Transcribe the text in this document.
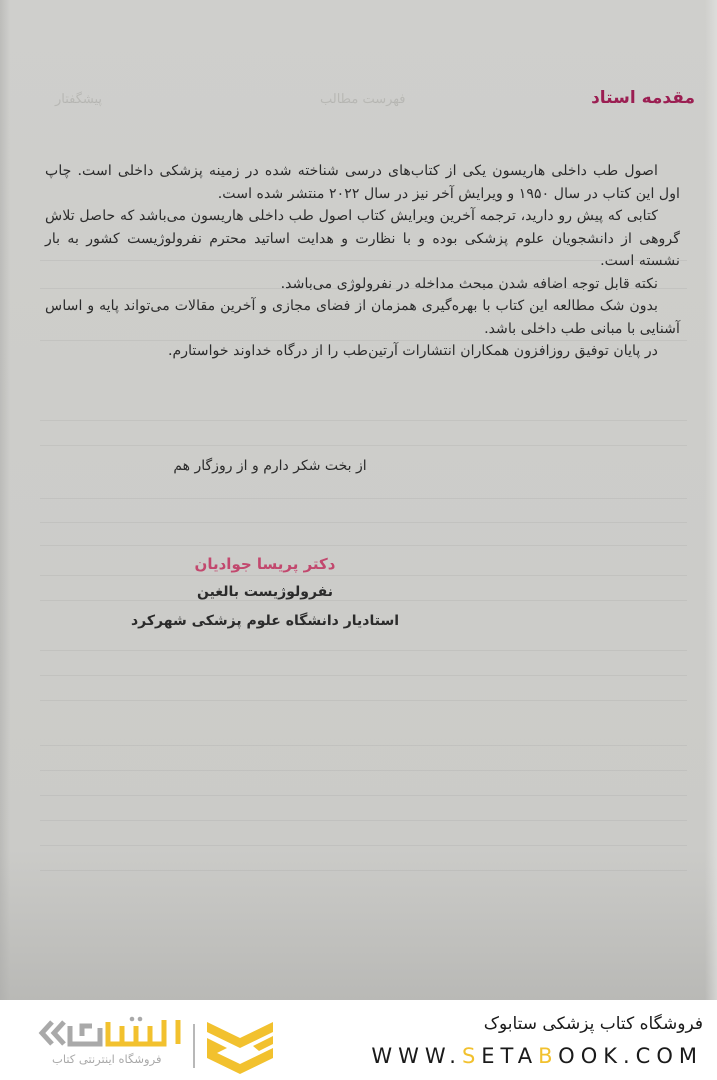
فهرست مطالب
پیشگفتار	مقدمه استاد

اصول طب داخلی هاریسون یکی از کتاب‌های درسی شناخته شده در زمینه پزشکی داخلی است. چاپ اول این کتاب در سال ۱۹۵۰ و ویرایش آخر نیز در سال ۲۰۲۲ منتشر شده است.

کتابی که پیش رو دارید، ترجمه آخرین ویرایش کتاب اصول طب داخلی هاریسون می‌باشد که حاصل تلاش گروهی از دانشجویان علوم پزشکی بوده و با نظارت و هدایت اساتید محترم نفرولوژیست کشور به بار نشسته است.

نکته قابل توجه اضافه شدن مبحث مداخله در نفرولوژی می‌باشد.

بدون شک مطالعه این کتاب با بهره‌گیری همزمان از فضای مجازی و آخرین مقالات می‌تواند پایه و اساس آشنایی با مبانی طب داخلی باشد.

در پایان توفیق روزافزون همکاران انتشارات آرتین‌طب را از درگاه خداوند خواستارم.

از بخت شکر دارم و از روزگار هم
دکتر پریسا جوادیان
نفرولوژیست بالغین
استادیار دانشگاه علوم پزشکی شهرکرد
فروشگاه اینترنتی کتاب
فروشگاه کتاب پزشکی ستابوک
WWW.SETABOOK.COM
